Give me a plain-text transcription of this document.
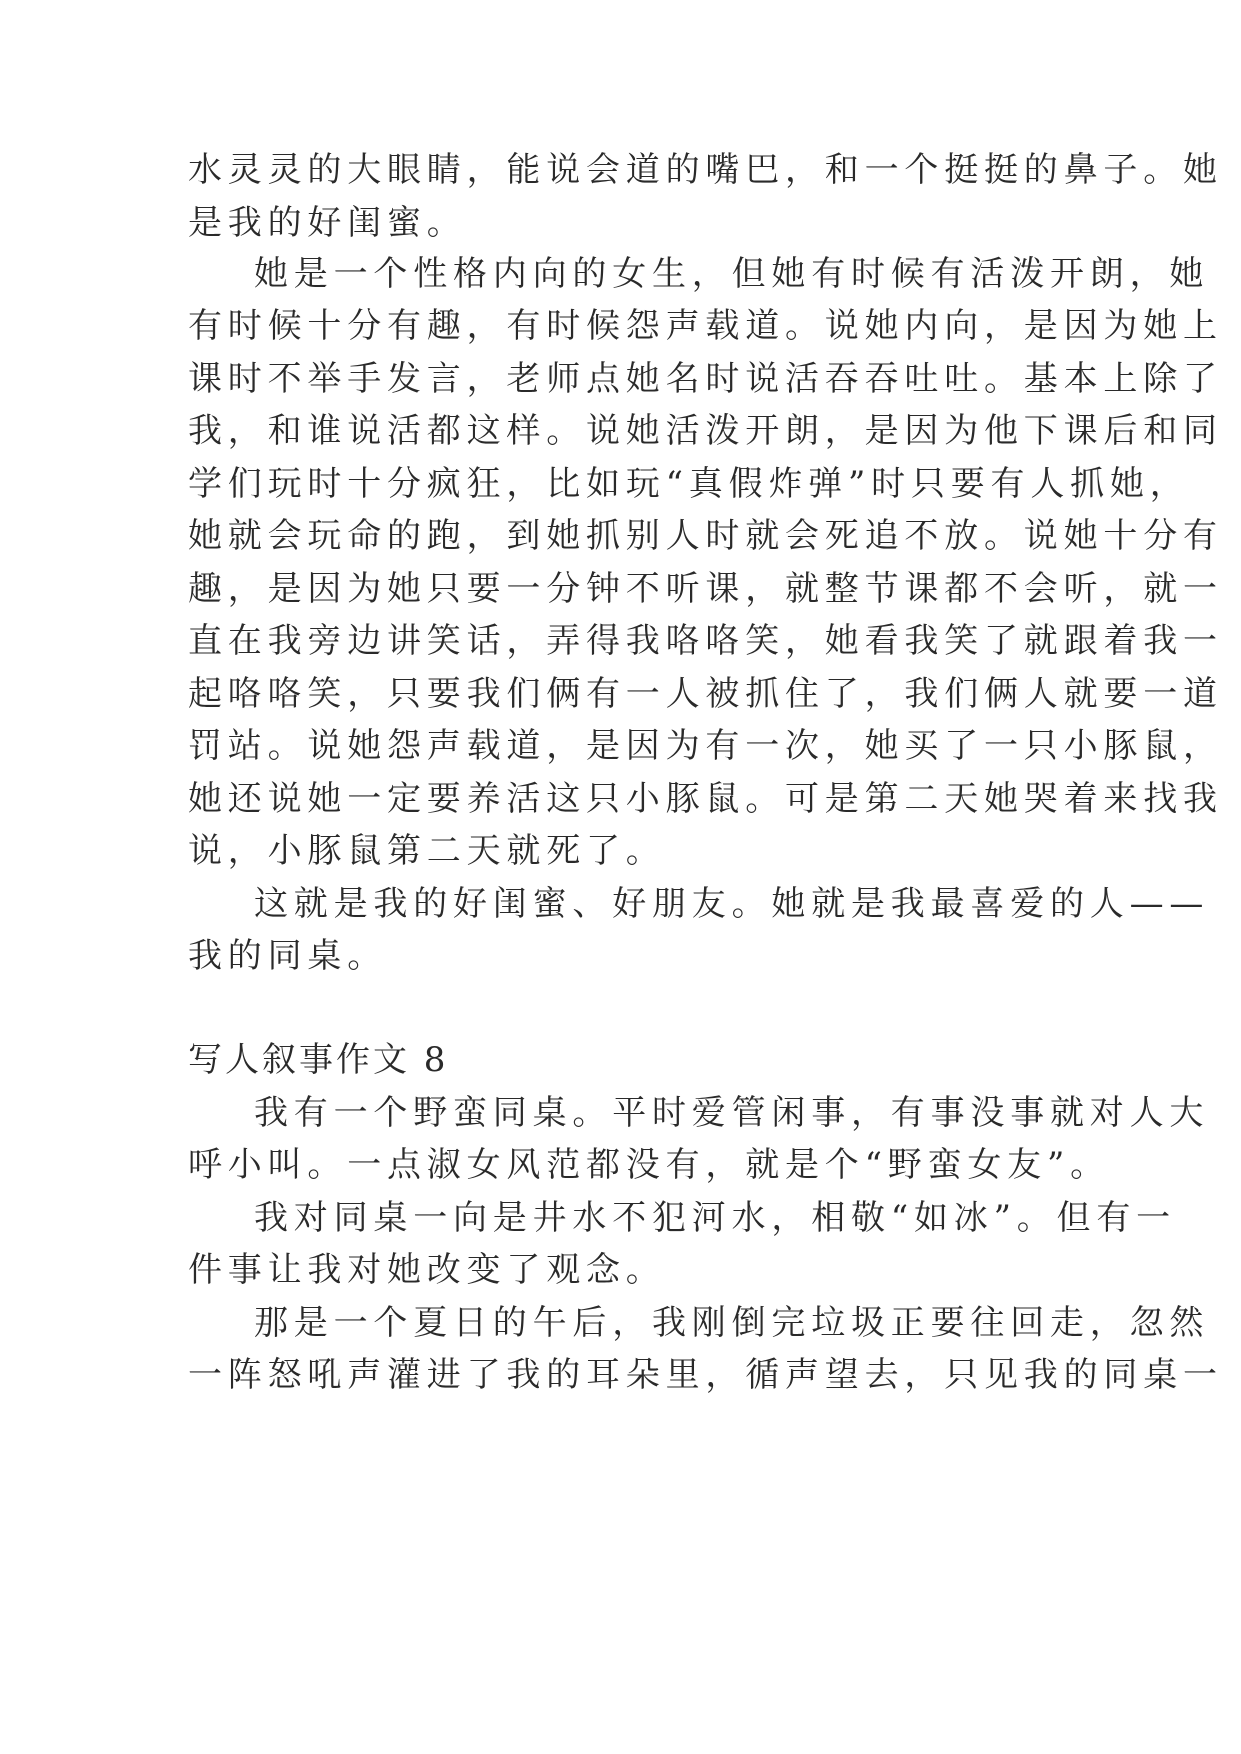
水灵灵的大眼睛，能说会道的嘴巴，和一个挺挺的鼻子。她
是我的好闺蜜。
她是一个性格内向的女生，但她有时候有活泼开朗，她
有时候十分有趣，有时候怨声载道。说她内向，是因为她上
课时不举手发言，老师点她名时说活吞吞吐吐。基本上除了
我，和谁说活都这样。说她活泼开朗，是因为他下课后和同
学们玩时十分疯狂，比如玩“真假炸弹”时只要有人抓她，
她就会玩命的跑，到她抓别人时就会死追不放。说她十分有
趣，是因为她只要一分钟不听课，就整节课都不会听，就一
直在我旁边讲笑话，弄得我咯咯笑，她看我笑了就跟着我一
起咯咯笑，只要我们俩有一人被抓住了，我们俩人就要一道
罚站。说她怨声载道，是因为有一次，她买了一只小豚鼠，
她还说她一定要养活这只小豚鼠。可是第二天她哭着来找我
说，小豚鼠第二天就死了。
这就是我的好闺蜜、好朋友。她就是我最喜爱的人——
我的同桌。
写人叙事作文 8
我有一个野蛮同桌。平时爱管闲事，有事没事就对人大
呼小叫。一点淑女风范都没有，就是个“野蛮女友”。
我对同桌一向是井水不犯河水，相敬“如冰”。但有一
件事让我对她改变了观念。
那是一个夏日的午后，我刚倒完垃圾正要往回走，忽然
一阵怒吼声灌进了我的耳朵里，循声望去，只见我的同桌一
